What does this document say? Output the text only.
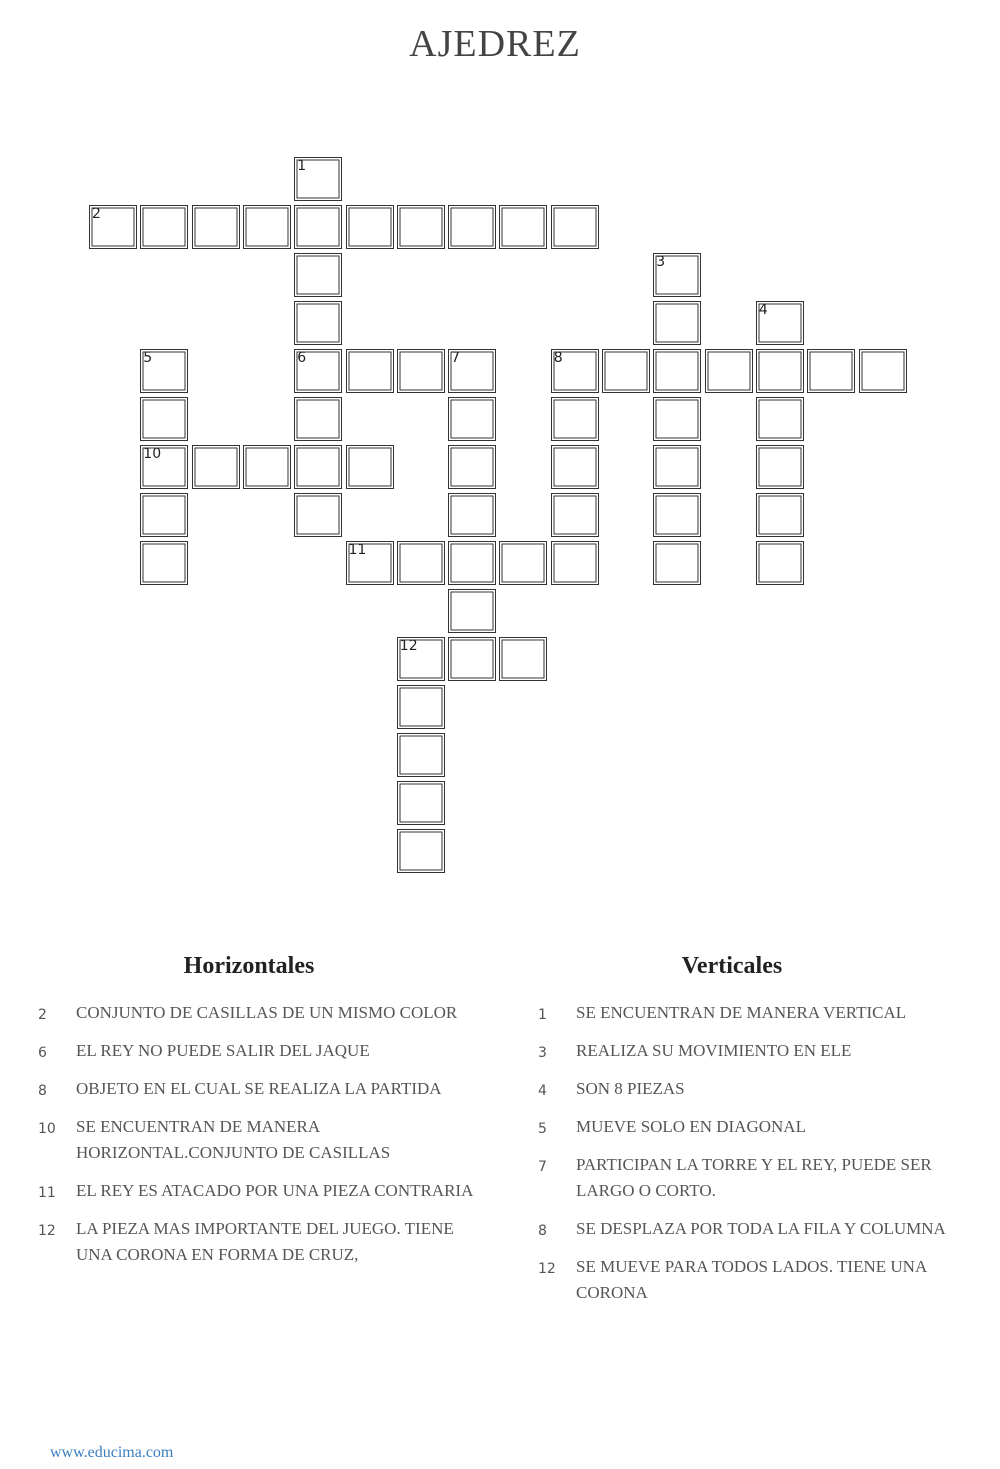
AJEDREZ
1
6
2
3
4
5
10
7	8
11
12
Horizontales	Verticales
2	CONJUNTO DE CASILLAS DE UN MISMO COLOR
6	EL REY NO PUEDE SALIR DEL JAQUE
8	OBJETO EN EL CUAL SE REALIZA LA PARTIDA
10	SE ENCUENTRAN DE MANERA HORIZONTAL.CONJUNTO DE CASILLAS
11	EL REY ES ATACADO POR UNA PIEZA CONTRARIA
12	LA PIEZA MAS IMPORTANTE DEL JUEGO. TIENE UNA CORONA EN FORMA DE CRUZ,
1	SE ENCUENTRAN DE MANERA VERTICAL
3	REALIZA SU MOVIMIENTO EN ELE
4	SON 8 PIEZAS
5	MUEVE SOLO EN DIAGONAL
7	PARTICIPAN LA TORRE Y EL REY, PUEDE SER LARGO O CORTO.
8	SE DESPLAZA POR TODA LA FILA Y COLUMNA
12	SE MUEVE PARA TODOS LADOS. TIENE UNA CORONA
www.educima.com
